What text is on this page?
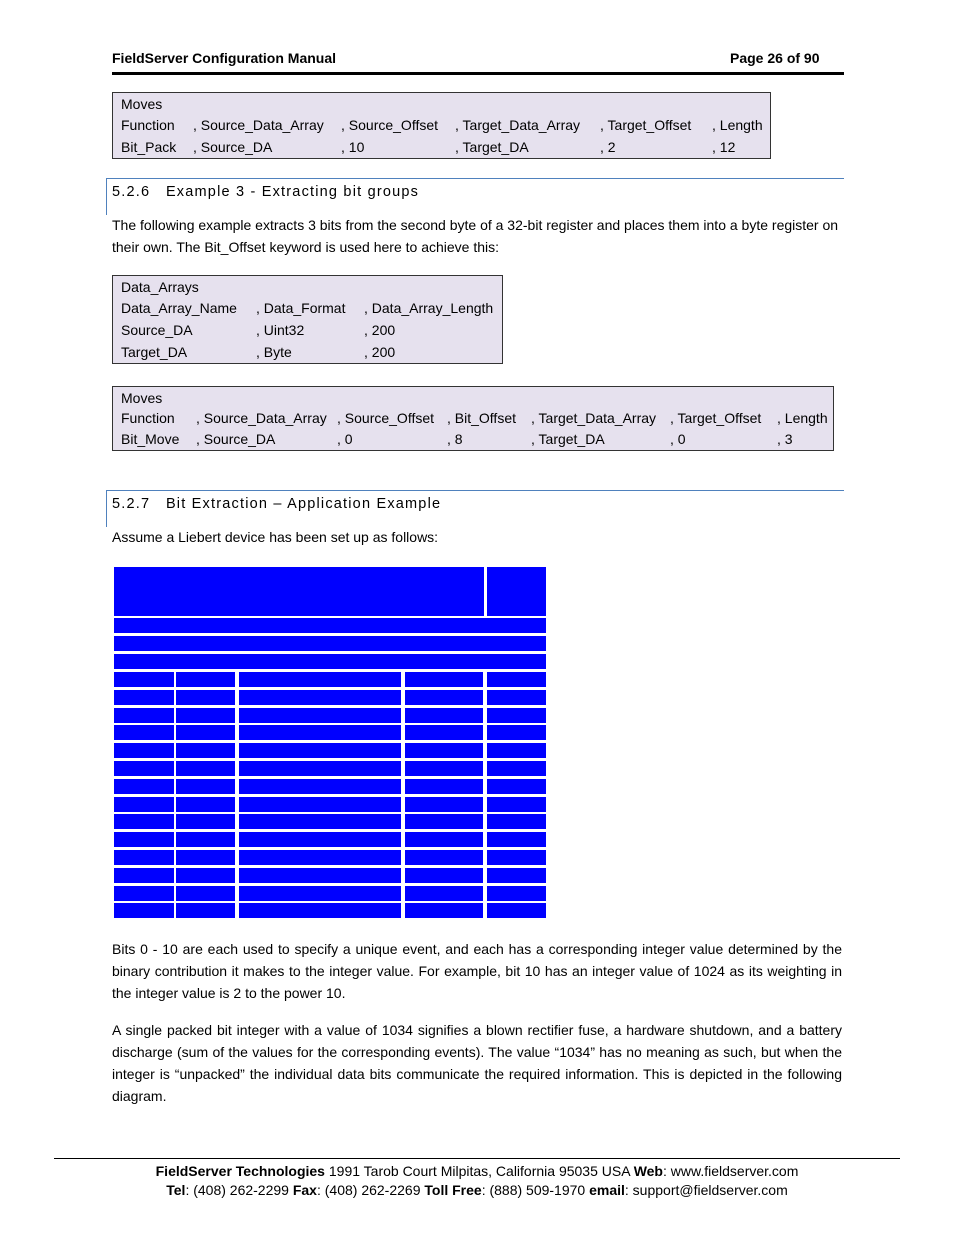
FieldServer Configuration Manual	Page 26 of 90
Moves
Function , Source_Data_Array , Source_Offset , Target_Data_Array , Target_Offset , Length
Bit_Pack , Source_DA	, 10	, Target_DA	, 2	, 12
5.2.6 Example 3 - Extracting bit groups
The following example extracts 3 bits from the second byte of a 32-bit register and places them into a byte register on their own. The Bit_Offset keyword is used here to achieve this:
Data_Arrays
Data_Array_Name , Data_Format , Data_Array_Length
Source_DA	, Uint32	, 200
Target_DA	, Byte	, 200
Moves
Function , Source_Data_Array , Source_Offset , Bit_Offset , Target_Data_Array , Target_Offset , Length
Bit_Move , Source_DA	, 0	, 8	, Target_DA	, 0	, 3
5.2.7 Bit Extraction – Application Example
Assume a Liebert device has been set up as follows:
Bits 0 - 10 are each used to specify a unique event, and each has a corresponding integer value determined by the binary contribution it makes to the integer value. For example, bit 10 has an integer value of 1024 as its weighting in the integer value is 2 to the power 10.
A single packed bit integer with a value of 1034 signifies a blown rectifier fuse, a hardware shutdown, and a battery discharge (sum of the values for the corresponding events). The value “1034” has no meaning as such, but when the integer is “unpacked” the individual data bits communicate the required information. This is depicted in the following diagram.
FieldServer Technologies 1991 Tarob Court Milpitas, California 95035 USA Web: www.fieldserver.com
Tel: (408) 262-2299 Fax: (408) 262-2269 Toll Free: (888) 509-1970 email: support@fieldserver.com
